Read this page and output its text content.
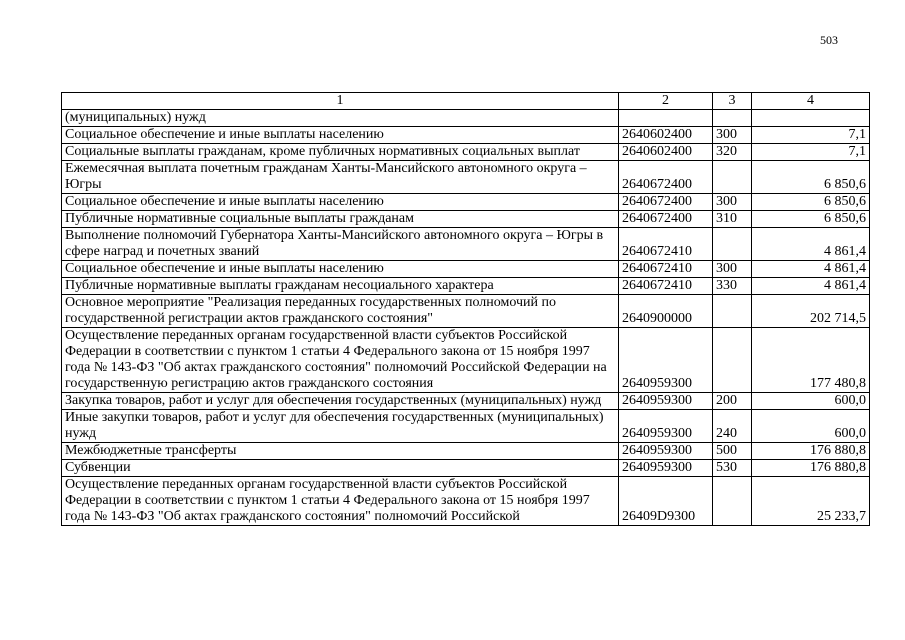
503
1	2	3	4
(муниципальных) нужд			
Социальное обеспечение и иные выплаты населению	2640602400	300	7,1
Социальные выплаты гражданам, кроме публичных нормативных социальных выплат	2640602400	320	7,1
Ежемесячная выплата почетным гражданам Ханты-Мансийского автономного округа – Югры	2640672400		6 850,6
Социальное обеспечение и иные выплаты населению	2640672400	300	6 850,6
Публичные нормативные социальные выплаты гражданам	2640672400	310	6 850,6
Выполнение полномочий Губернатора Ханты-Мансийского автономного округа – Югры в сфере наград и почетных званий	2640672410		4 861,4
Социальное обеспечение и иные выплаты населению	2640672410	300	4 861,4
Публичные нормативные выплаты гражданам несоциального характера	2640672410	330	4 861,4
Основное мероприятие "Реализация переданных государственных полномочий по государственной регистрации актов гражданского состояния"	2640900000		202 714,5
Осуществление переданных органам государственной власти субъектов Российской Федерации в соответствии с пунктом 1 статьи 4 Федерального закона от 15 ноября 1997 года № 143-ФЗ "Об актах гражданского состояния" полномочий Российской Федерации на государственную регистрацию актов гражданского состояния	2640959300		177 480,8
Закупка товаров, работ и услуг для обеспечения государственных (муниципальных) нужд	2640959300	200	600,0
Иные закупки товаров, работ и услуг для обеспечения государственных (муниципальных) нужд	2640959300	240	600,0
Межбюджетные трансферты	2640959300	500	176 880,8
Субвенции	2640959300	530	176 880,8
Осуществление переданных органам государственной власти субъектов Российской Федерации в соответствии с пунктом 1 статьи 4 Федерального закона от 15 ноября 1997 года № 143-ФЗ "Об актах гражданского состояния" полномочий Российской	26409D9300		25 233,7
